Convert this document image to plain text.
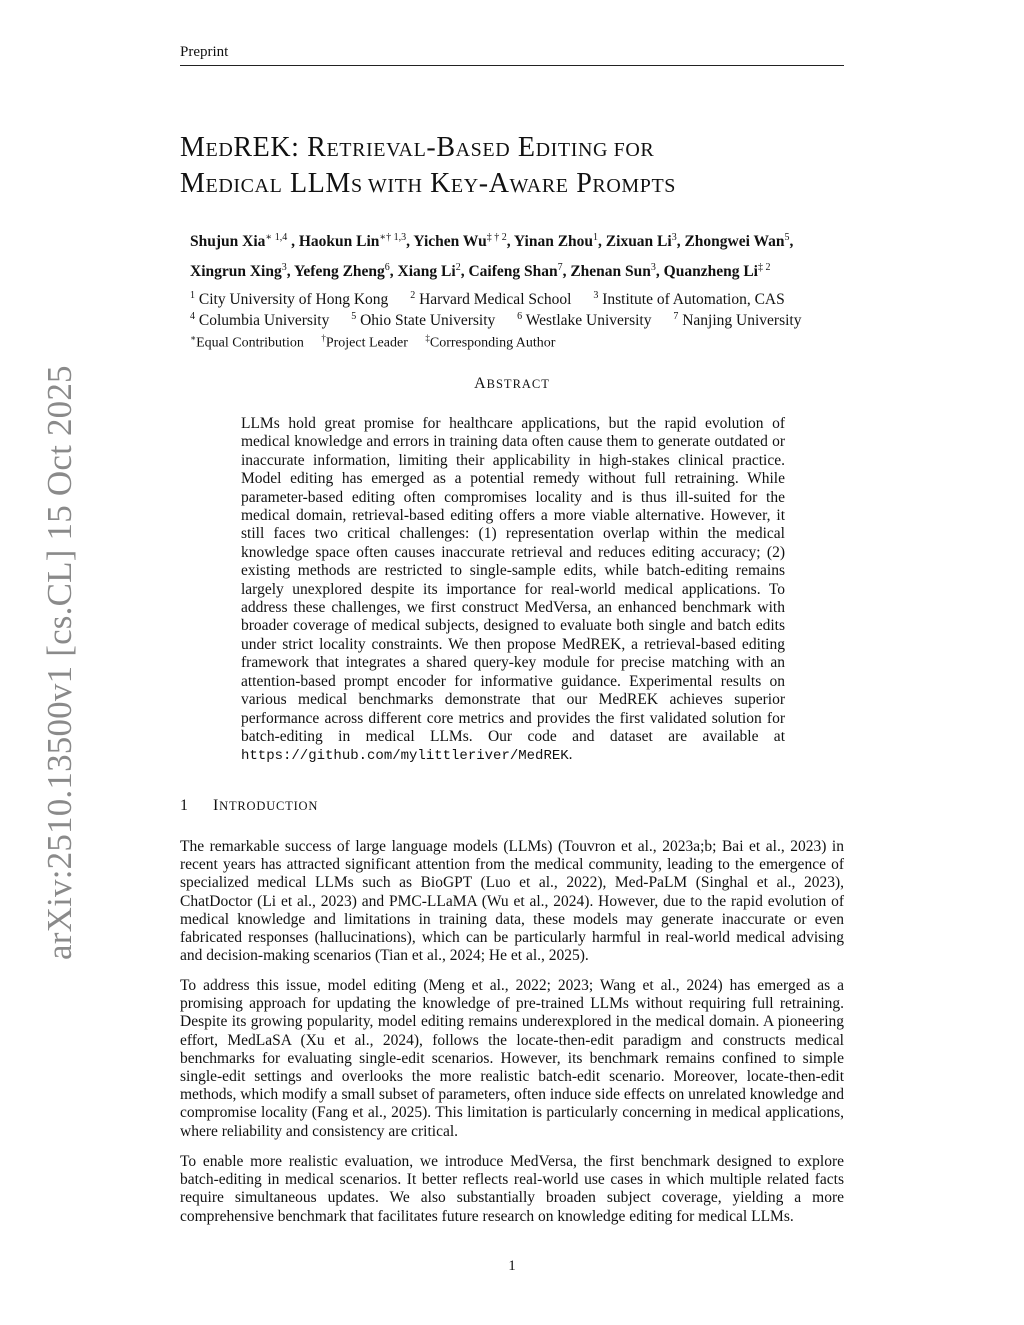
Preprint
arXiv:2510.13500v1 [cs.CL] 15 Oct 2025
MEDREK: RETRIEVAL-BASED EDITING FOR
MEDICAL LLMS WITH KEY-AWARE PROMPTS
Shujun Xia$^{∗ 1,4}$ , Haokun Lin$^{∗\dagger 1,3}$, Yichen $Wu^{\ddagger \dagger 2}$, Yinan Zhou$^1$, Zixuan Li$^3$, Zhongwei Wan$^5$,
Xingrun Xing$^3$, Yefeng Zheng$^6$, Xiang Li$^2$, Caifeng Shan$^7$, Zhenan Sun$^3$, Quanzheng Li$^{\ddagger 2}$
$^1$ City University of Hong Kong $^2$ Harvard Medical School $^3$ Institute of Automation, CAS
$^4$ Columbia University $^5$ Ohio State University $^6$ Westlake University $^7$ Nanjing University
∗Equal Contribution †Project Leader ‡Corresponding Author
ABSTRACT
LLMs hold great promise for healthcare applications, but the rapid evolution of medical knowledge and errors in training data often cause them to generate outdated or inaccurate information, limiting their applicability in high-stakes clinical practice. Model editing has emerged as a potential remedy without full retraining. While parameter-based editing often compromises locality and is thus ill-suited for the medical domain, retrieval-based editing offers a more viable alternative. However, it still faces two critical challenges: (1) representation overlap within the medical knowledge space often causes inaccurate retrieval and reduces editing accuracy; (2) existing methods are restricted to single-sample edits, while batch-editing remains largely unexplored despite its importance for real-world medical applications. To address these challenges, we first construct MedVersa, an enhanced benchmark with broader coverage of medical subjects, designed to evaluate both single and batch edits under strict locality constraints. We then propose MedREK, a retrieval-based editing framework that integrates a shared query-key module for precise matching with an attention-based prompt encoder for informative guidance. Experimental results on various medical benchmarks demonstrate that our MedREK achieves superior performance across different core metrics and provides the first validated solution for batch-editing in medical LLMs. Our code and dataset are available at https://github.com/mylittleriver/MedREK.
1 INTRODUCTION
The remarkable success of large language models (LLMs) (Touvron et al., 2023a;b; Bai et al., 2023) in recent years has attracted significant attention from the medical community, leading to the emergence of specialized medical LLMs such as BioGPT (Luo et al., 2022), Med-PaLM (Singhal et al., 2023), ChatDoctor (Li et al., 2023) and PMC-LLaMA (Wu et al., 2024). However, due to the rapid evolution of medical knowledge and limitations in training data, these models may generate inaccurate or even fabricated responses (hallucinations), which can be particularly harmful in real-world medical advising and decision-making scenarios (Tian et al., 2024; He et al., 2025).
To address this issue, model editing (Meng et al., 2022; 2023; Wang et al., 2024) has emerged as a promising approach for updating the knowledge of pre-trained LLMs without requiring full retraining. Despite its growing popularity, model editing remains underexplored in the medical domain. A pioneering effort, MedLaSA (Xu et al., 2024), follows the locate-then-edit paradigm and constructs medical benchmarks for evaluating single-edit scenarios. However, its benchmark remains confined to simple single-edit settings and overlooks the more realistic batch-edit scenario. Moreover, locate-then-edit methods, which modify a small subset of parameters, often induce side effects on unrelated knowledge and compromise locality (Fang et al., 2025). This limitation is particularly concerning in medical applications, where reliability and consistency are critical.
To enable more realistic evaluation, we introduce MedVersa, the first benchmark designed to explore batch-editing in medical scenarios. It better reflects real-world use cases in which multiple related facts require simultaneous updates. We also substantially broaden subject coverage, yielding a more comprehensive benchmark that facilitates future research on knowledge editing for medical LLMs.
1
